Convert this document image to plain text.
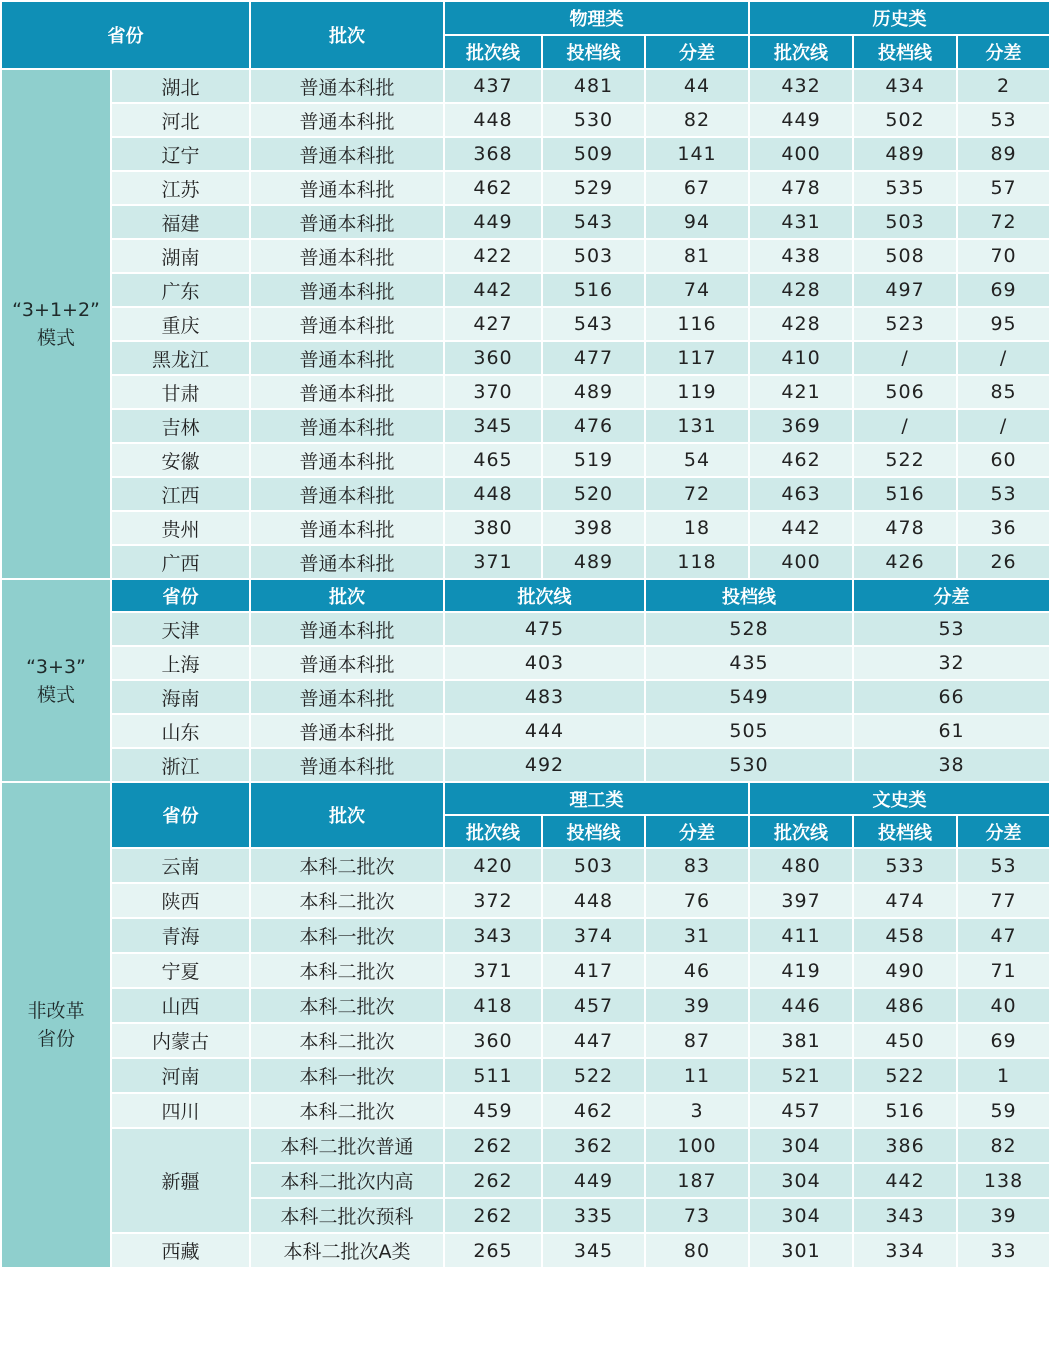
省份		批次	物理类			历史类		
			批次线	投档线	分差	批次线	投档线	分差
“3+1+2”
模式	湖北	普通本科批	437	481	44	432	434	2
	河北	普通本科批	448	530	82	449	502	53
	辽宁	普通本科批	368	509	141	400	489	89
	江苏	普通本科批	462	529	67	478	535	57
	福建	普通本科批	449	543	94	431	503	72
	湖南	普通本科批	422	503	81	438	508	70
	广东	普通本科批	442	516	74	428	497	69
	重庆	普通本科批	427	543	116	428	523	95
	黑龙江	普通本科批	360	477	117	410	/	/
	甘肃	普通本科批	370	489	119	421	506	85
	吉林	普通本科批	345	476	131	369	/	/
	安徽	普通本科批	465	519	54	462	522	60
	江西	普通本科批	448	520	72	463	516	53
	贵州	普通本科批	380	398	18	442	478	36
	广西	普通本科批	371	489	118	400	426	26
“3+3”
模式	省份	批次	批次线		投档线		分差	
	天津	普通本科批	475		528		53	
	上海	普通本科批	403		435		32	
	海南	普通本科批	483		549		66	
	山东	普通本科批	444		505		61	
	浙江	普通本科批	492		530		38	
非改革
省份	省份	批次	理工类			文史类		
			批次线	投档线	分差	批次线	投档线	分差
	云南	本科二批次	420	503	83	480	533	53
	陕西	本科二批次	372	448	76	397	474	77
	青海	本科一批次	343	374	31	411	458	47
	宁夏	本科二批次	371	417	46	419	490	71
	山西	本科二批次	418	457	39	446	486	40
	内蒙古	本科二批次	360	447	87	381	450	69
	河南	本科一批次	511	522	11	521	522	1
	四川	本科二批次	459	462	3	457	516	59
	新疆	本科二批次普通	262	362	100	304	386	82
		本科二批次内高	262	449	187	304	442	138
		本科二批次预科	262	335	73	304	343	39
	西藏	本科二批次A类	265	345	80	301	334	33
